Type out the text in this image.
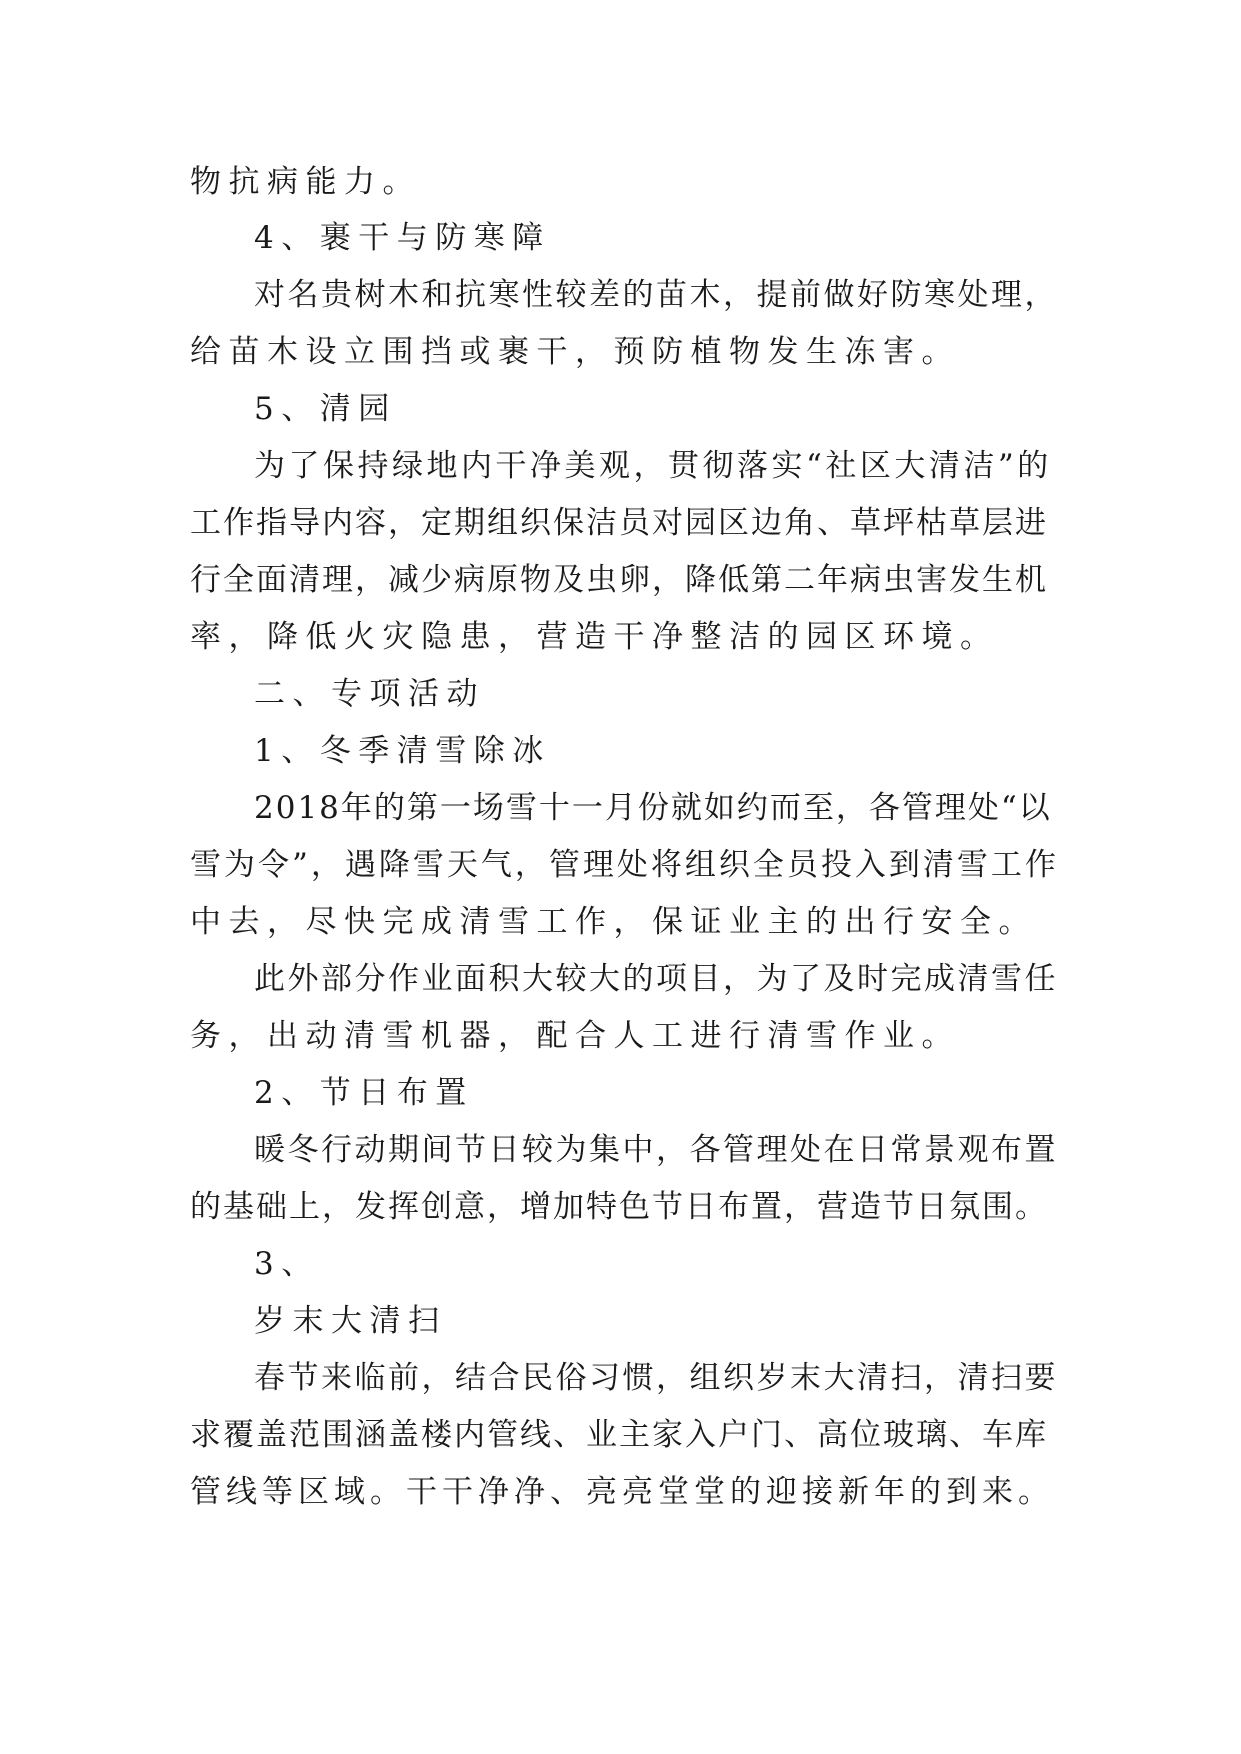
物抗病能力。

4、裹干与防寒障

对名贵树木和抗寒性较差的苗木，提前做好防寒处理，

给苗木设立围挡或裹干，预防植物发生冻害。

5、清园

为了保持绿地内干净美观，贯彻落实“社区大清洁”的

工作指导内容，定期组织保洁员对园区边角、草坪枯草层进

行全面清理，减少病原物及虫卵，降低第二年病虫害发生机

率，降低火灾隐患，营造干净整洁的园区环境。

二、专项活动

1、冬季清雪除冰

2018年的第一场雪十一月份就如约而至，各管理处“以

雪为令”，遇降雪天气，管理处将组织全员投入到清雪工作

中去，尽快完成清雪工作，保证业主的出行安全。

此外部分作业面积大较大的项目，为了及时完成清雪任

务，出动清雪机器，配合人工进行清雪作业。

2、节日布置

暖冬行动期间节日较为集中，各管理处在日常景观布置

的基础上，发挥创意，增加特色节日布置，营造节日氛围。

3、

岁末大清扫

春节来临前，结合民俗习惯，组织岁末大清扫，清扫要

求覆盖范围涵盖楼内管线、业主家入户门、高位玻璃、车库

管线等区域。干干净净、亮亮堂堂的迎接新年的到来。
